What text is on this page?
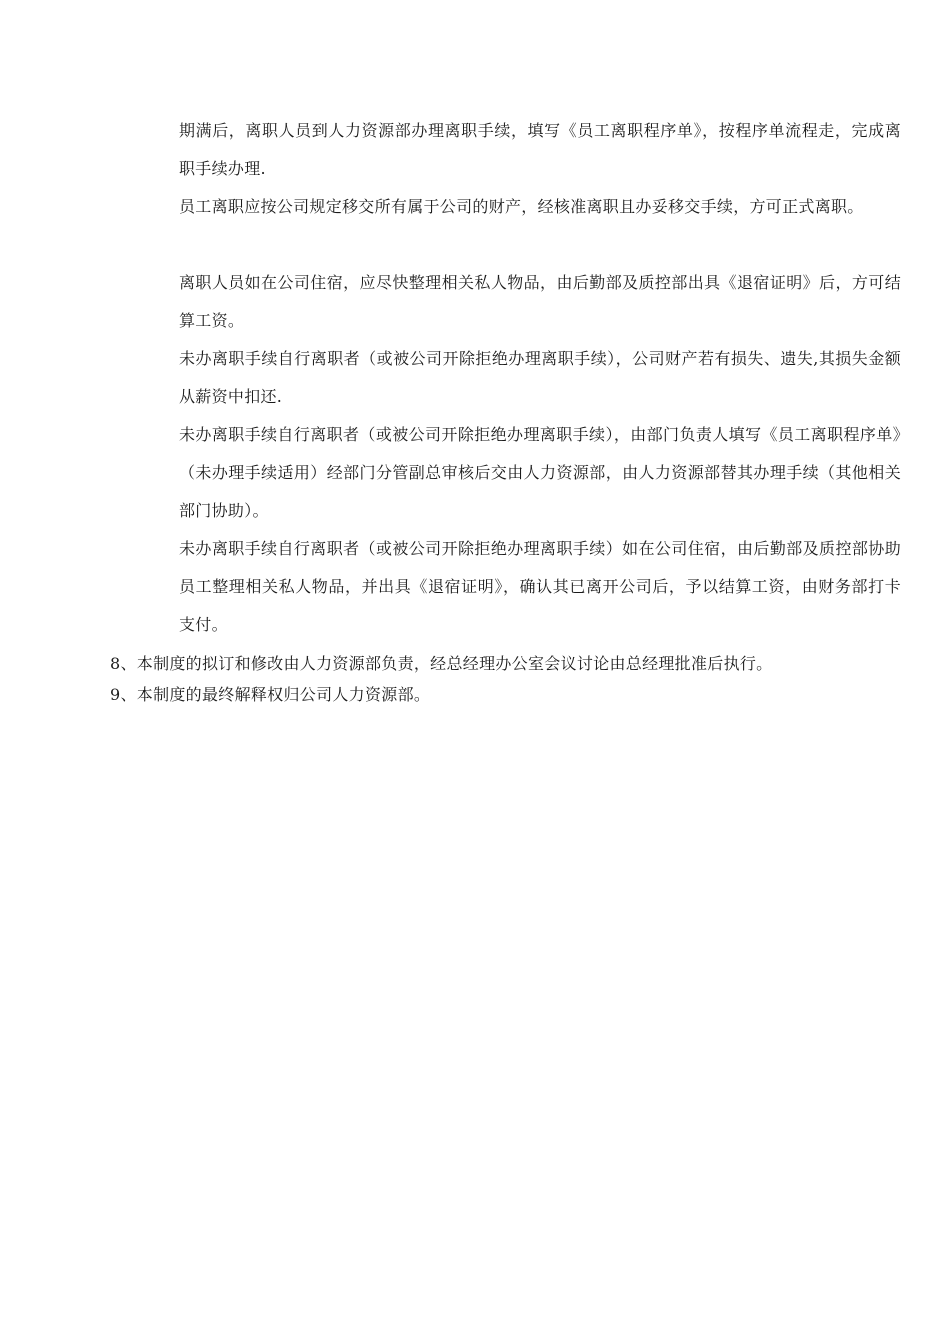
期满后，离职人员到人力资源部办理离职手续，填写《员工离职程序单》，按程序单流程走，完成离职手续办理.

员工离职应按公司规定移交所有属于公司的财产，经核准离职且办妥移交手续，方可正式离职。

离职人员如在公司住宿，应尽快整理相关私人物品，由后勤部及质控部出具《退宿证明》后，方可结算工资。

未办离职手续自行离职者（或被公司开除拒绝办理离职手续），公司财产若有损失、遗失,其损失金额从薪资中扣还.

未办离职手续自行离职者（或被公司开除拒绝办理离职手续），由部门负责人填写《员工离职程序单》（未办理手续适用）经部门分管副总审核后交由人力资源部，由人力资源部替其办理手续（其他相关部门协助）。

未办离职手续自行离职者（或被公司开除拒绝办理离职手续）如在公司住宿，由后勤部及质控部协助员工整理相关私人物品，并出具《退宿证明》，确认其已离开公司后，予以结算工资，由财务部打卡支付。

8、本制度的拟订和修改由人力资源部负责，经总经理办公室会议讨论由总经理批准后执行。

9、本制度的最终解释权归公司人力资源部。
